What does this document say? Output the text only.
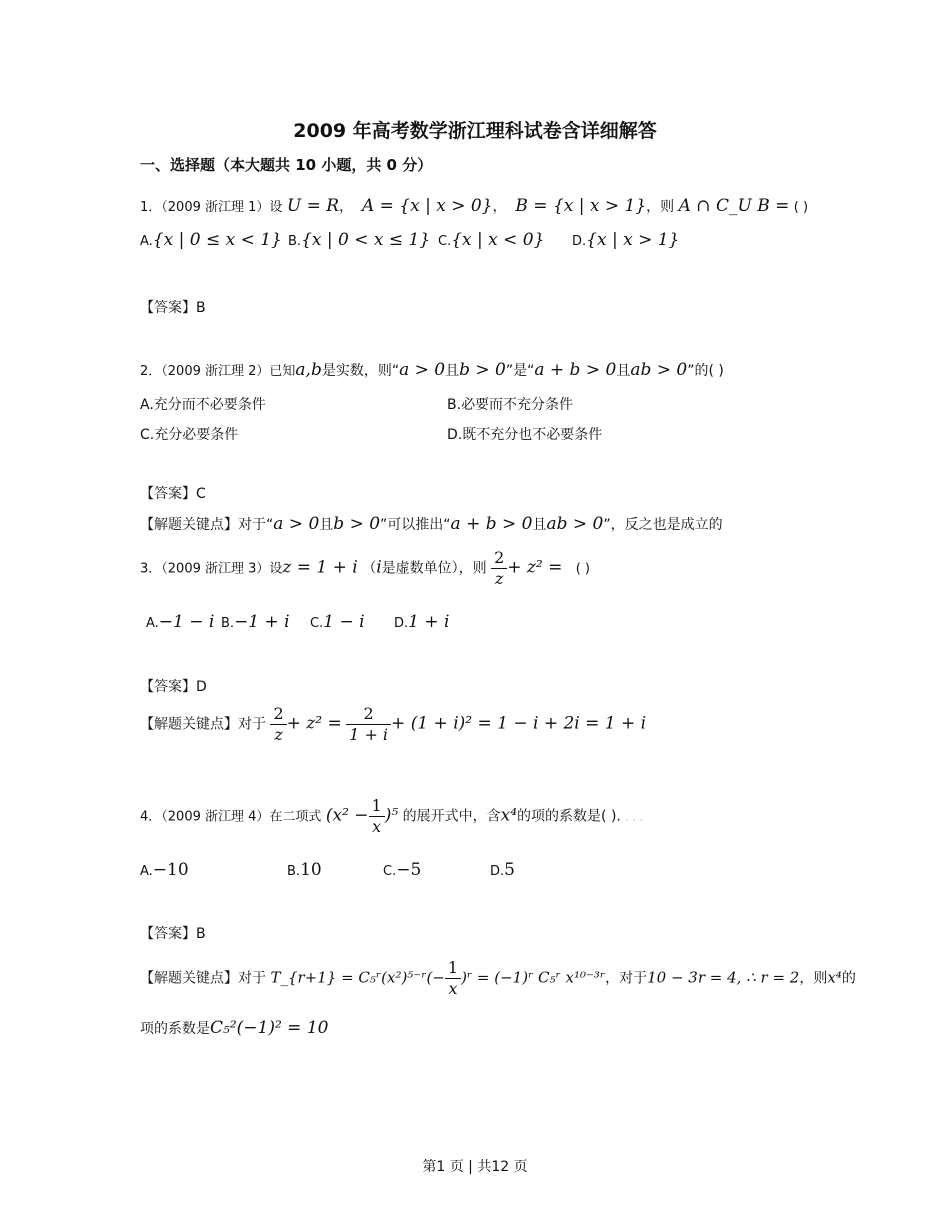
2009 年高考数学浙江理科试卷含详细解答
一、选择题（本大题共 10 小题，共 0 分）
1．（2009 浙江理 1）设 U = R， A = {x | x > 0}， B = {x | x > 1}，则 A ∩ C_U B = ( )
A.{x | 0 ≤ x < 1} B.{x | 0 < x ≤ 1} C.{x | x < 0} D.{x | x > 1}
【答案】B
2．（2009 浙江理 2）已知a,b是实数，则“a > 0且b > 0”是“a + b > 0且ab > 0”的( )
A.充分而不必要条件	B.必要而不充分条件
C.充分必要条件	D.既不充分也不必要条件
【答案】C
【解题关键点】对于“a > 0且b > 0”可以推出“a + b > 0且ab > 0”，反之也是成立的
3．（2009 浙江理 3）设z = 1 + i （i是虚数单位），则 $\frac{2}{z} + z^2$ = ( )
A.−1 − i B.−1 + i C.1 − i D.1 + i
【答案】D
【解题关键点】对于 $\frac{2}{z} + z^2 = \frac{2}{1 + i} + (1 + i)^2 = 1 - i + 2i = 1 + i$
4．（2009 浙江理 4）在二项式 $(x^2 - \frac{1}{x} )^5$ 的展开式中，含x⁴的项的系数是( ). . . .
A.−10	B.10	C.−5	D.5
【答案】B
【解题关键点】对于 T_{r+1} = C₅ʳ(x²)⁵⁻ʳ(− $\frac{1}{x}$ )ʳ = (−1)ʳ C₅ʳ x¹⁰⁻³ʳ，对于10 − 3r = 4, ∴ r = 2，则x⁴的
项的系数是C₅²(−1)² = 10
第1 页 | 共12 页
